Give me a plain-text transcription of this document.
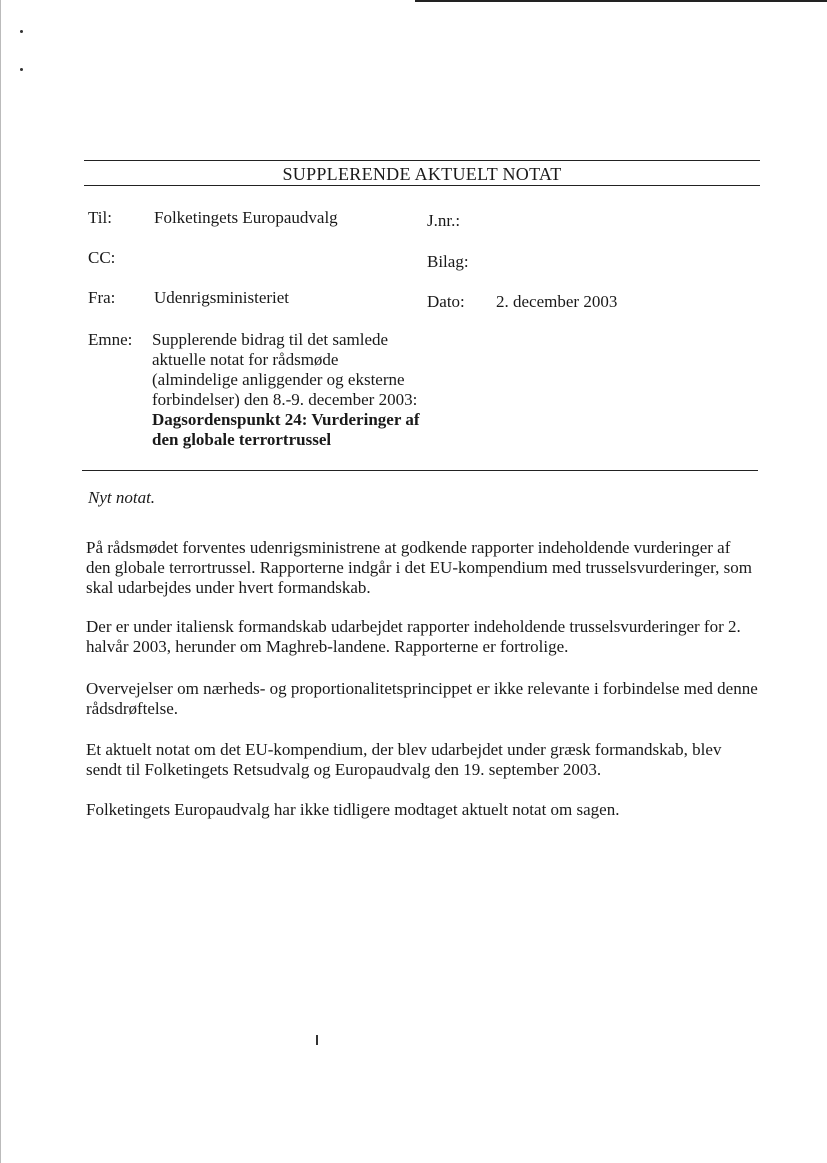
SUPPLERENDE AKTUELT NOTAT
Til: Folketingets Europaudvalg	J.nr.:
CC:	Bilag:
Fra: Udenrigsministeriet	Dato: 2. december 2003
Emne: Supplerende bidrag til det samlede aktuelle notat for rådsmøde (almindelige anliggender og eksterne forbindelser) den 8.-9. december 2003: Dagsordenspunkt 24: Vurderinger af den globale terrortrussel
Nyt notat.
På rådsmødet forventes udenrigsministrene at godkende rapporter indeholdende vurderinger af den globale terrortrussel. Rapporterne indgår i det EU-kompendium med trusselsvurderinger, som skal udarbejdes under hvert formandskab.
Der er under italiensk formandskab udarbejdet rapporter indeholdende trusselsvurderinger for 2. halvår 2003, herunder om Maghreb-landene. Rapporterne er fortrolige.
Overvejelser om nærheds- og proportionalitetsprincippet er ikke relevante i forbindelse med denne rådsdrøftelse.
Et aktuelt notat om det EU-kompendium, der blev udarbejdet under græsk formandskab, blev sendt til Folketingets Retsudvalg og Europaudvalg den 19. september 2003.
Folketingets Europaudvalg har ikke tidligere modtaget aktuelt notat om sagen.
